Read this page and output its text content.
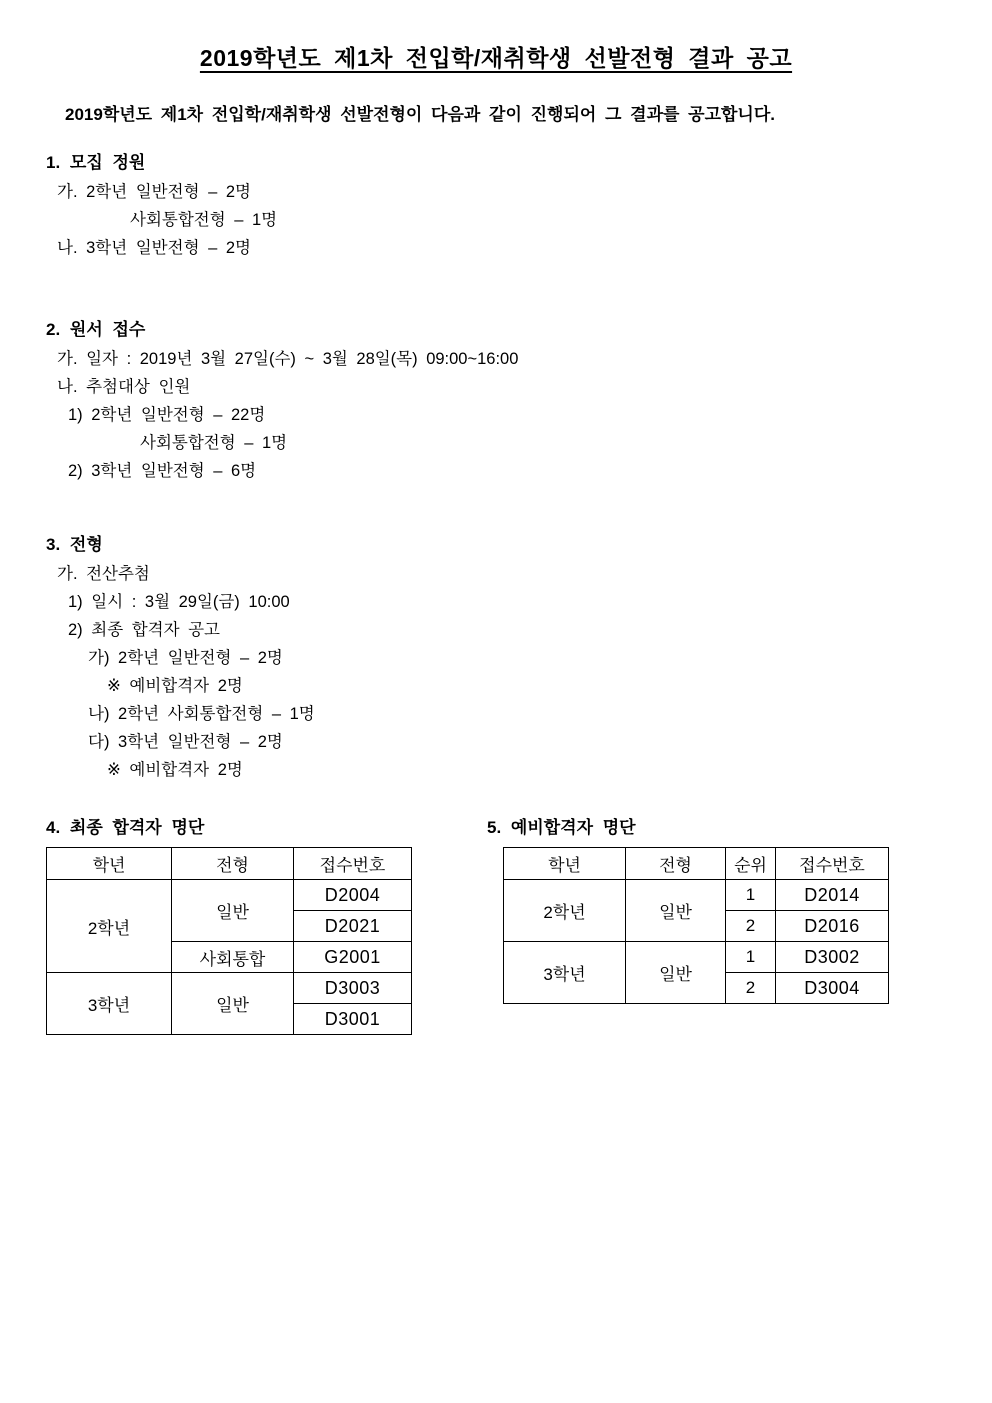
2019학년도 제1차 전입학/재취학생 선발전형 결과 공고

2019학년도 제1차 전입학/재취학생 선발전형이 다음과 같이 진행되어 그 결과를 공고합니다.

1. 모집 정원

가. 2학년 일반전형 – 2명

사회통합전형 – 1명

나. 3학년 일반전형 – 2명

2. 원서 접수

가. 일자 : 2019년 3월 27일(수) ~ 3월 28일(목) 09:00~16:00

나. 추첨대상 인원

1) 2학년 일반전형 – 22명

사회통합전형 – 1명

2) 3학년 일반전형 – 6명

3. 전형

가. 전산추첨

1) 일시 : 3월 29일(금) 10:00

2) 최종 합격자 공고

가) 2학년 일반전형 – 2명

※ 예비합격자 2명

나) 2학년 사회통합전형 – 1명

다) 3학년 일반전형 – 2명

※ 예비합격자 2명

4. 최종 합격자 명단
학년	전형	접수번호
2학년	일반	D2004
		D2021
	사회통합	G2001
3학년	일반	D3003
		D3001
5. 예비합격자 명단
학년	전형	순위	접수번호
2학년	일반	1	D2014
		2	D2016
3학년	일반	1	D3002
		2	D3004
